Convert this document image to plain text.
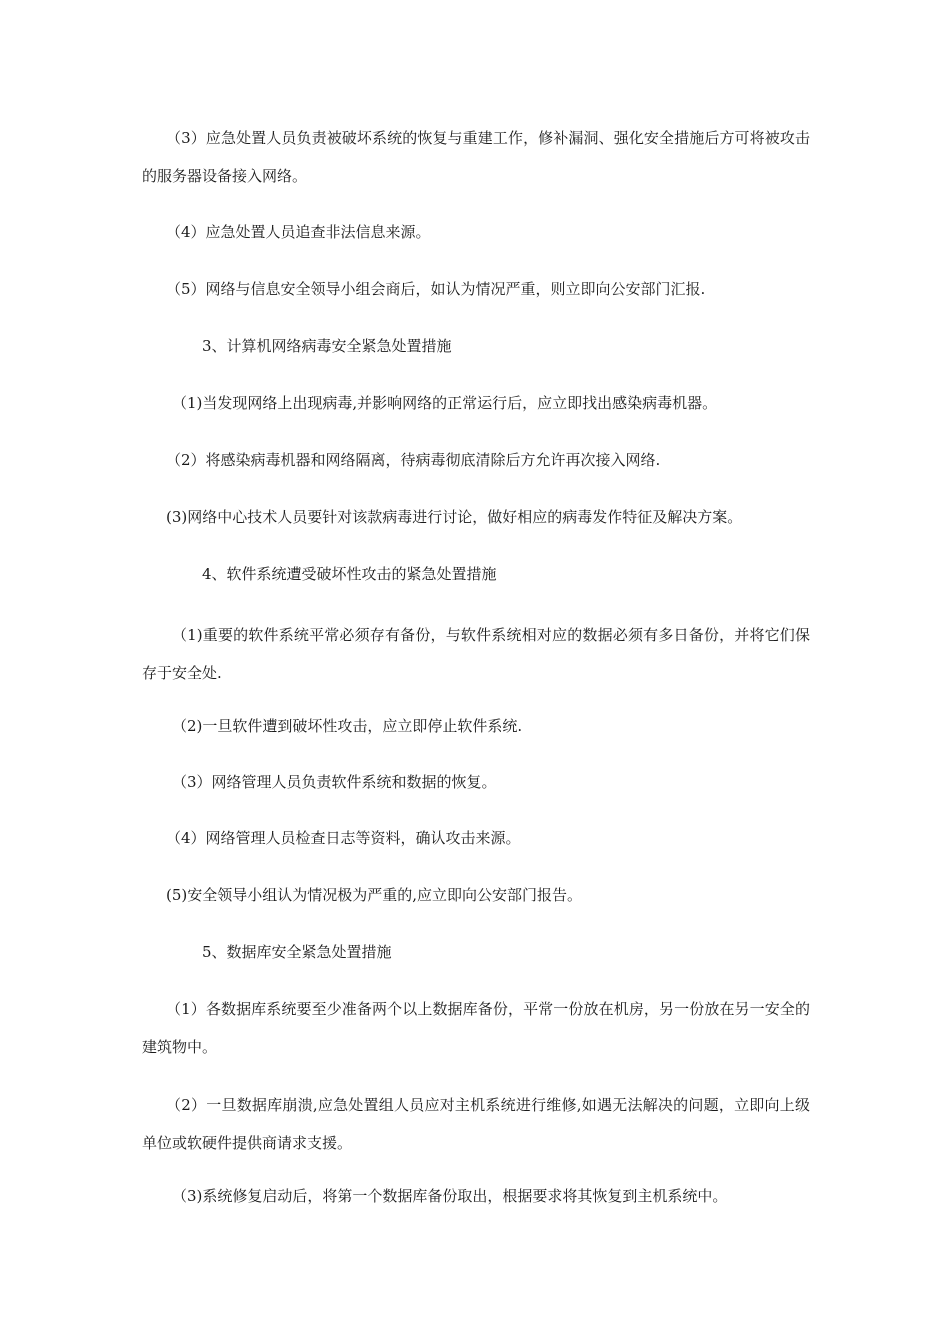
（3）应急处置人员负责被破坏系统的恢复与重建工作，修补漏洞、强化安全措施后方可将被攻击的服务器设备接入网络。

（4）应急处置人员追查非法信息来源。

（5）网络与信息安全领导小组会商后，如认为情况严重，则立即向公安部门汇报.

3、计算机网络病毒安全紧急处置措施

（1)当发现网络上出现病毒,并影响网络的正常运行后，应立即找出感染病毒机器。

（2）将感染病毒机器和网络隔离，待病毒彻底清除后方允许再次接入网络.

(3)网络中心技术人员要针对该款病毒进行讨论，做好相应的病毒发作特征及解决方案。

4、软件系统遭受破坏性攻击的紧急处置措施

（1)重要的软件系统平常必须存有备份，与软件系统相对应的数据必须有多日备份，并将它们保存于安全处.

（2)一旦软件遭到破坏性攻击，应立即停止软件系统.

（3）网络管理人员负责软件系统和数据的恢复。

（4）网络管理人员检查日志等资料，确认攻击来源。

(5)安全领导小组认为情况极为严重的,应立即向公安部门报告。

5、数据库安全紧急处置措施

（1）各数据库系统要至少准备两个以上数据库备份，平常一份放在机房，另一份放在另一安全的建筑物中。

（2）一旦数据库崩溃,应急处置组人员应对主机系统进行维修,如遇无法解决的问题，立即向上级单位或软硬件提供商请求支援。

（3)系统修复启动后，将第一个数据库备份取出，根据要求将其恢复到主机系统中。
